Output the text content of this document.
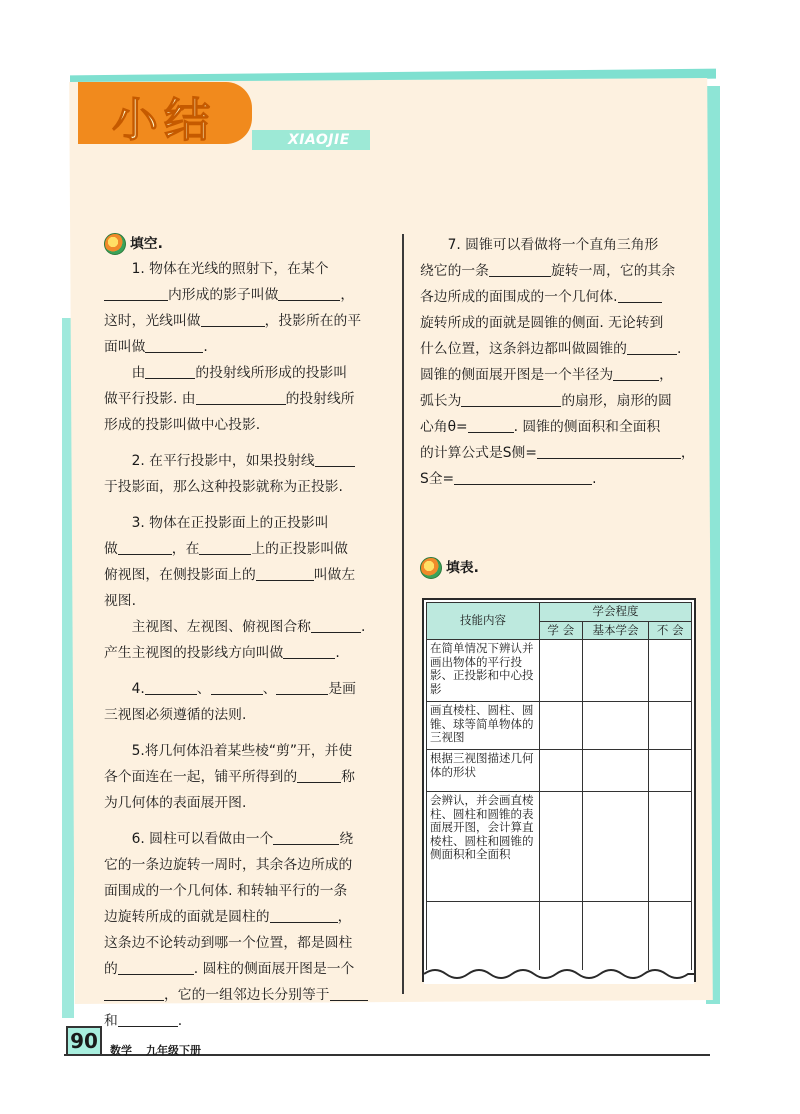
小结	XIAOJIE
填空.

1. 物体在光线的照射下，在某个

内形成的影子叫做	，

这时，光线叫做	，投影所在的平

面叫做	.

由	的投射线所形成的投影叫

做平行投影. 由	的投射线所

形成的投影叫做中心投影.

2. 在平行投影中，如果投射线

于投影面，那么这种投影就称为正投影.

3. 物体在正投影面上的正投影叫

做	，在	上的正投影叫做

俯视图，在侧投影面上的	叫做左

视图.

主视图、左视图、俯视图合称	.

产生主视图的投影线方向叫做	.

4.	、	、	是画

三视图必须遵循的法则.

5.将几何体沿着某些棱“剪”开，并使

各个面连在一起，铺平所得到的	称

为几何体的表面展开图.

6. 圆柱可以看做由一个	绕

它的一条边旋转一周时，其余各边所成的

面围成的一个几何体. 和转轴平行的一条

边旋转所成的面就是圆柱的	，

这条边不论转动到哪一个位置，都是圆柱

的	. 圆柱的侧面展开图是一个

，它的一组邻边长分别等于

和	.

7. 圆锥可以看做将一个直角三角形

绕它的一条	旋转一周，它的其余

各边所成的面围成的一个几何体.

旋转所成的面就是圆锥的侧面. 无论转到

什么位置，这条斜边都叫做圆锥的	.

圆锥的侧面展开图是一个半径为	，

弧长为	的扇形，扇形的圆

心角θ=	. 圆锥的侧面积和全面积

的计算公式是S侧=	，

S全=	.

填表.
技能内容	学会程度		
	学 会	基本学会	不 会
在简单情况下辨认并画出物体的平行投影、正投影和中心投影			
画直棱柱、圆柱、圆锥、球等简单物体的三视图			
根据三视图描述几何体的形状			
会辨认，并会画直棱柱、圆柱和圆锥的表面展开图，会计算直棱柱、圆柱和圆锥的侧面积和全面积			

90	数学 九年级下册
